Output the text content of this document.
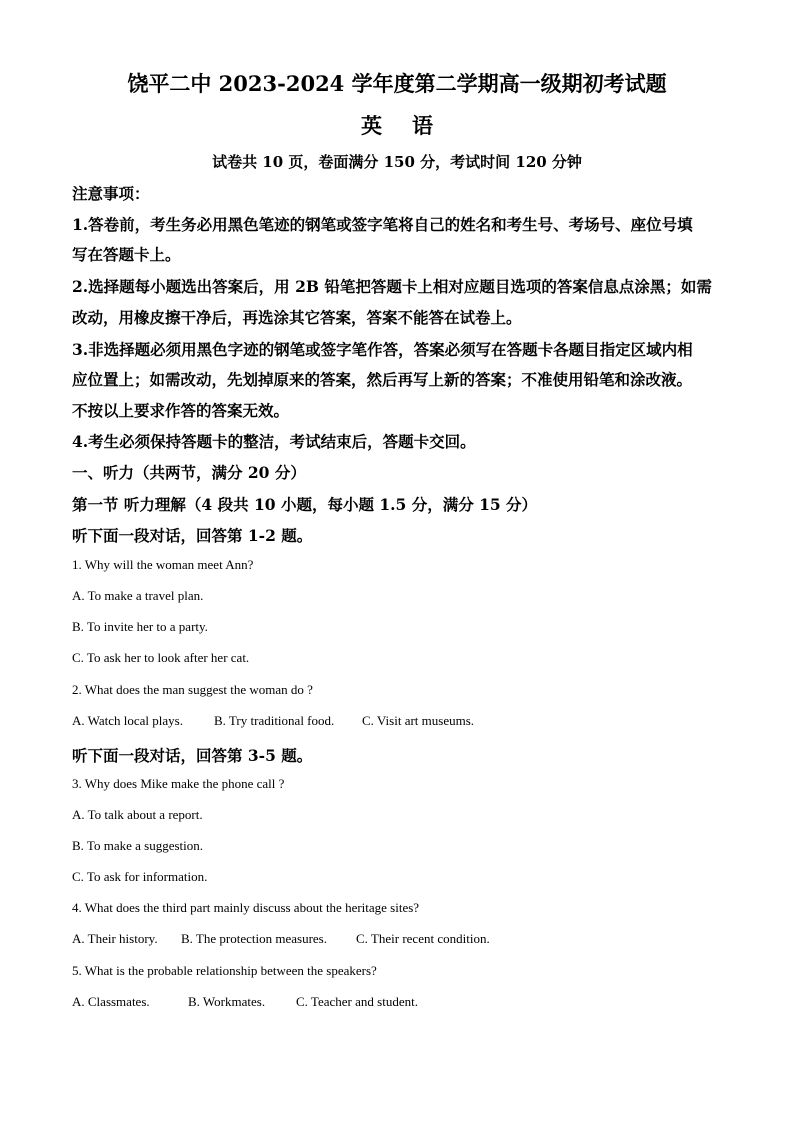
饶平二中 2023-2024 学年度第二学期高一级期初考试题
英语
试卷共 10 页，卷面满分 150 分，考试时间 120 分钟
注意事项：
1.答卷前，考生务必用黑色笔迹的钢笔或签字笔将自己的姓名和考生号、考场号、座位号填
写在答题卡上。
2.选择题每小题选出答案后，用 2B 铅笔把答题卡上相对应题目选项的答案信息点涂黑；如需
改动，用橡皮擦干净后，再选涂其它答案，答案不能答在试卷上。
3.非选择题必须用黑色字迹的钢笔或签字笔作答，答案必须写在答题卡各题目指定区域内相
应位置上；如需改动，先划掉原来的答案，然后再写上新的答案；不准使用铅笔和涂改液。
不按以上要求作答的答案无效。
4.考生必须保持答题卡的整洁，考试结束后，答题卡交回。
一、听力（共两节，满分 20 分）
第一节 听力理解（4 段共 10 小题，每小题 1.5 分，满分 15 分）
听下面一段对话，回答第 1-2 题。
1. Why will the woman meet Ann?
A. To make a travel plan.
B. To invite her to a party.
C. To ask her to look after her cat.
2. What does the man suggest the woman do ?
A. Watch local plays. B. Try traditional food. C. Visit art museums.
听下面一段对话，回答第 3-5 题。
3. Why does Mike make the phone call ?
A. To talk about a report.
B. To make a suggestion.
C. To ask for information.
4. What does the third part mainly discuss about the heritage sites?
A. Their history. B. The protection measures. C. Their recent condition.
5. What is the probable relationship between the speakers?
A. Classmates.	B. Workmates. C. Teacher and student.
